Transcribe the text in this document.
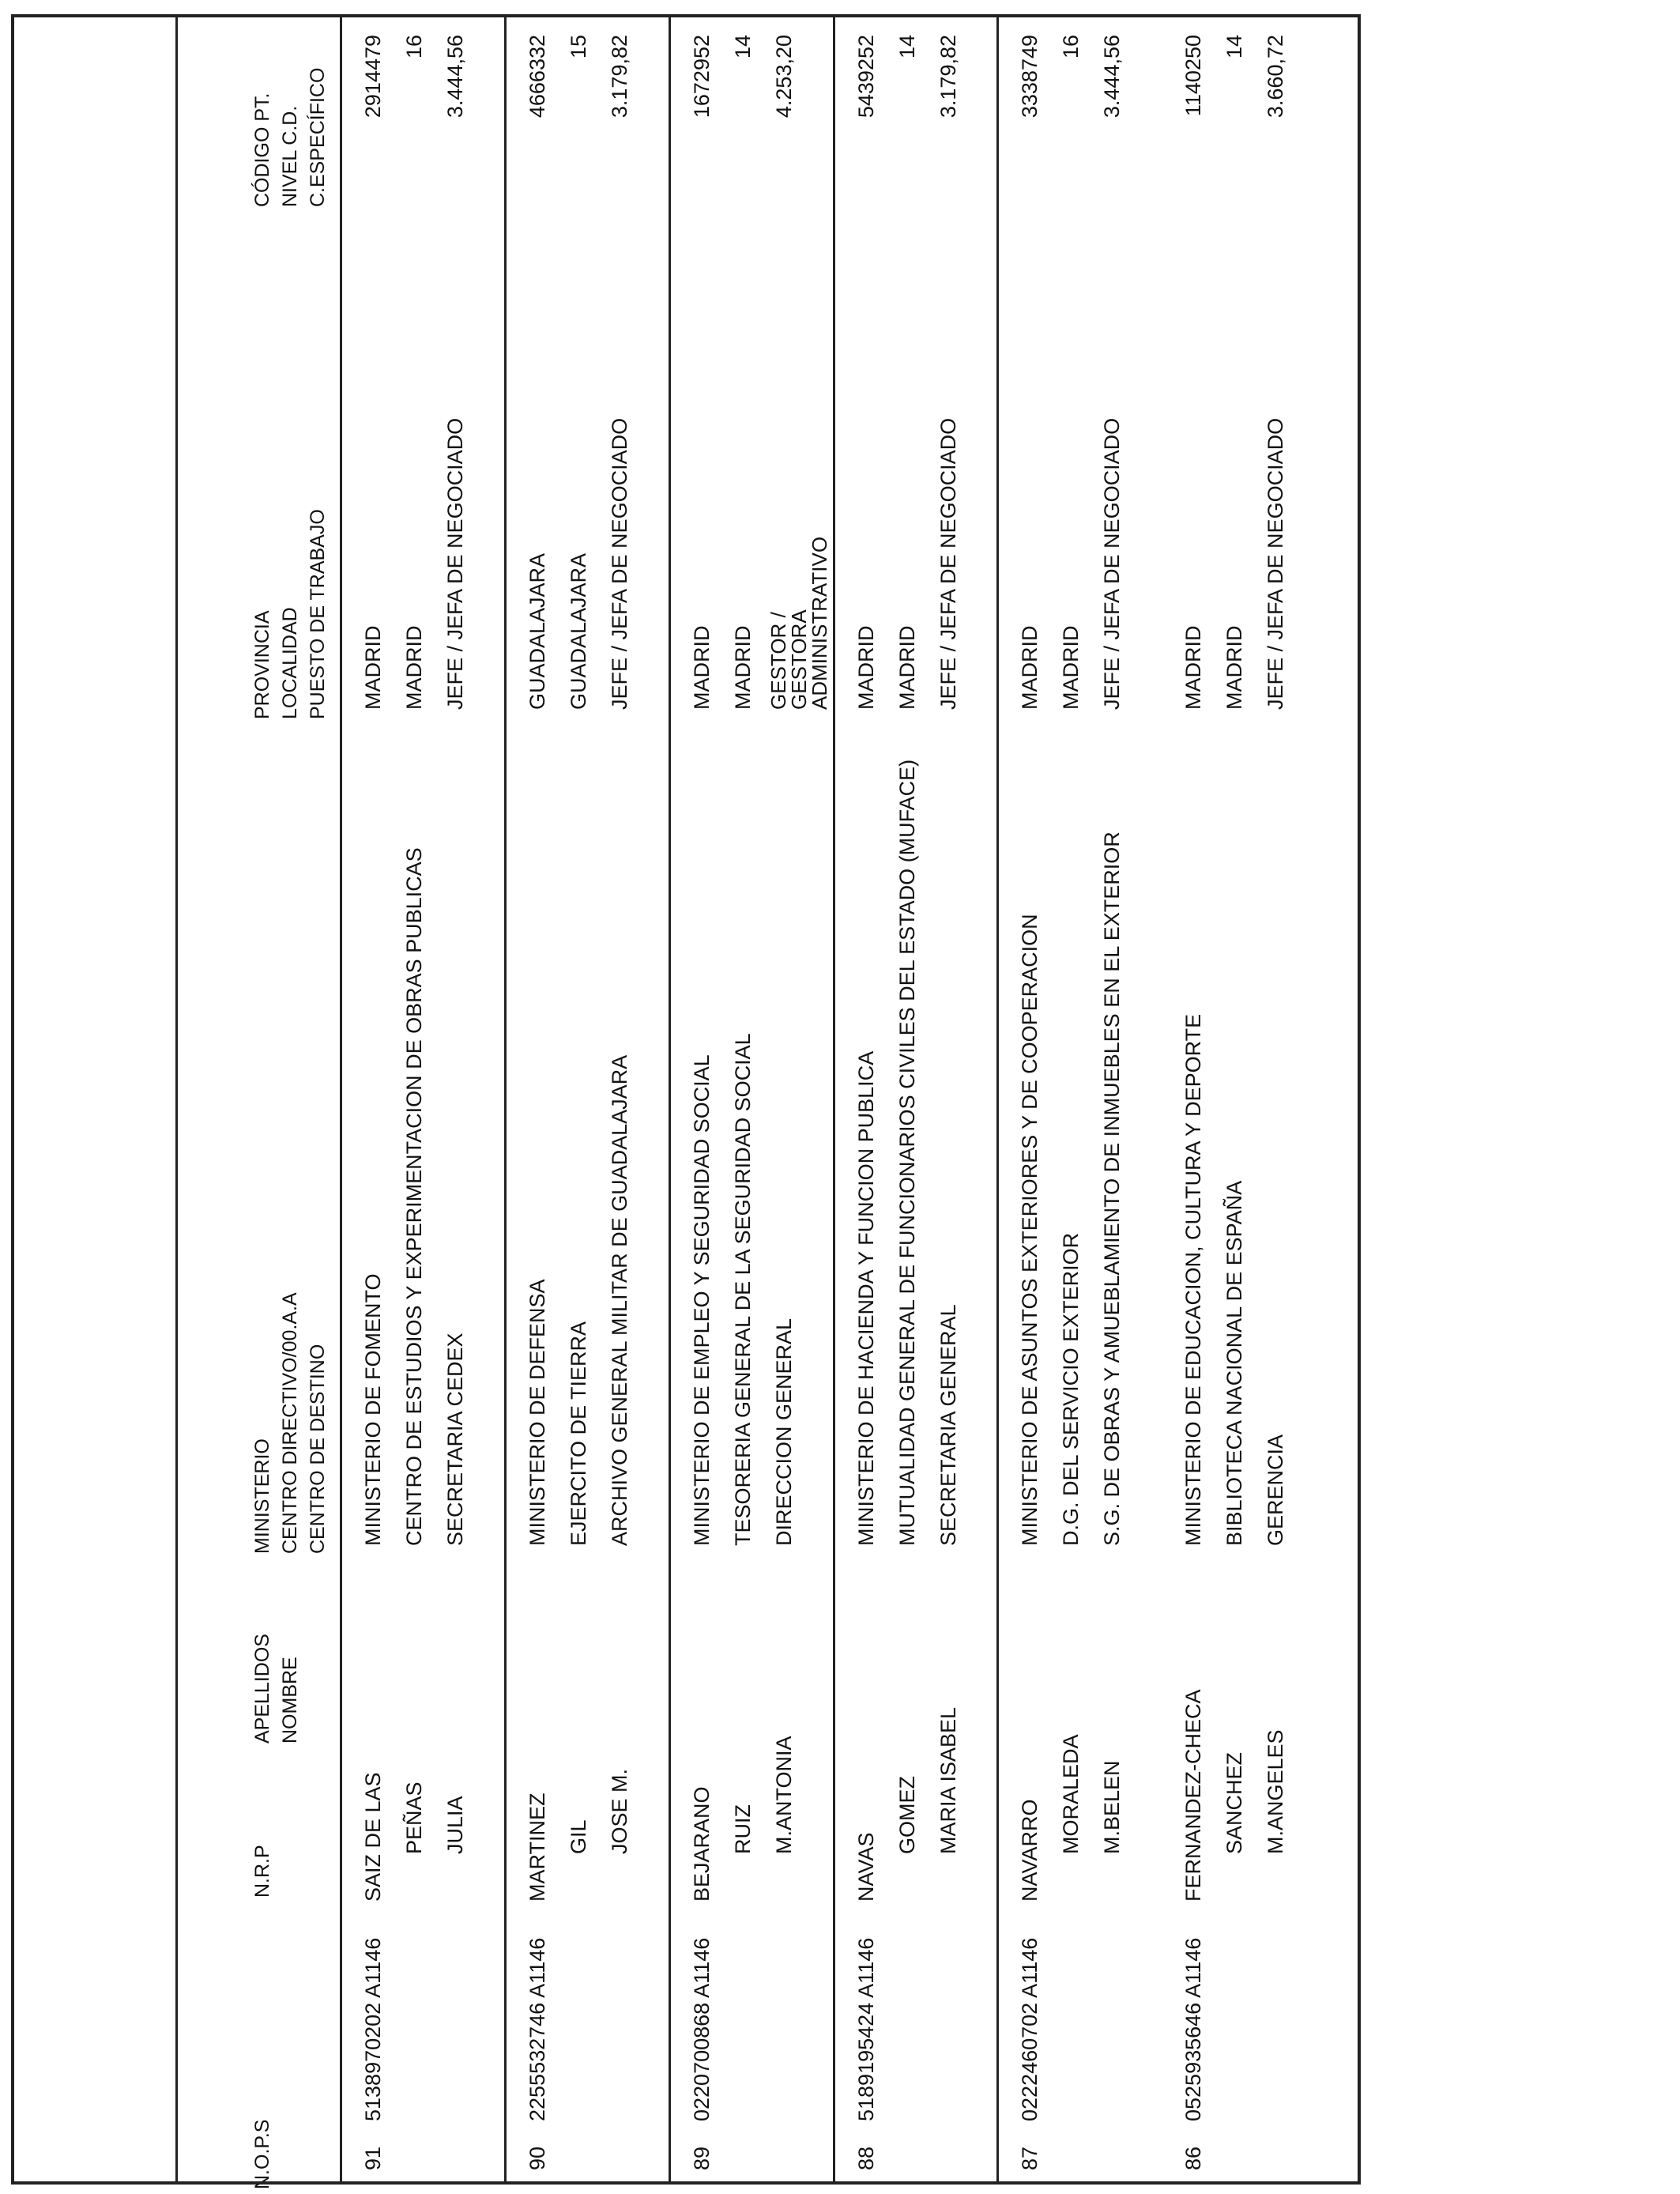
N.O.P.S
N.R.P
APELLIDOS NOMBRE
MINISTERIO CENTRO DIRECTIVO/00.A.A CENTRO DE DESTINO
PROVINCIA LOCALIDAD PUESTO DE TRABAJO
CÓDIGO PT. NIVEL C.D. C.ESPECÍFICO
86
0525935646 A1146
FERNANDEZ-CHECA SANCHEZ M.ANGELES
MINISTERIO DE EDUCACION, CULTURA Y DEPORTE BIBLIOTECA NACIONAL DE ESPAÑA GERENCIA
MADRID MADRID JEFE / JEFA DE NEGOCIADO
1140250 14 3.660,72
87
0222460702 A1146
NAVARRO MORALEDA M.BELEN
MINISTERIO DE ASUNTOS EXTERIORES Y DE COOPERACION D.G. DEL SERVICIO EXTERIOR S.G. DE OBRAS Y AMUEBLAMIENTO DE INMUEBLES EN EL EXTERIOR
MADRID MADRID JEFE / JEFA DE NEGOCIADO
3338749 16 3.444,56
88
5189195424 A1146
NAVAS
GOMEZ MARIA ISABEL
MINISTERIO DE HACIENDA Y FUNCION PUBLICA MUTUALIDAD GENERAL DE FUNCIONARIOS CIVILES DEL ESTADO (MUFACE) SECRETARIA GENERAL
MADRID MADRID JEFE / JEFA DE NEGOCIADO
5439252 14 3.179,82
89
0220700868 A1146
BEJARANO RUIZ M.ANTONIA
MINISTERIO DE EMPLEO Y SEGURIDAD SOCIAL TESORERIA GENERAL DE LA SEGURIDAD SOCIAL DIRECCION GENERAL
MADRID MADRID GESTOR / GESTORA ADMINISTRATIVO
1672952 14 4.253,20
90
2255532746 A1146
MARTINEZ GIL JOSE M.
MINISTERIO DE DEFENSA EJERCITO DE TIERRA ARCHIVO GENERAL MILITAR DE GUADALAJARA
GUADALAJARA GUADALAJARA JEFE / JEFA DE NEGOCIADO
4666332 15 3.179,82
91
5138970202 A1146
SAIZ DE LAS PEÑAS JULIA
MINISTERIO DE FOMENTO CENTRO DE ESTUDIOS Y EXPERIMENTACION DE OBRAS PUBLICAS SECRETARIA CEDEX
MADRID MADRID JEFE / JEFA DE NEGOCIADO
2914479 16 3.444,56
